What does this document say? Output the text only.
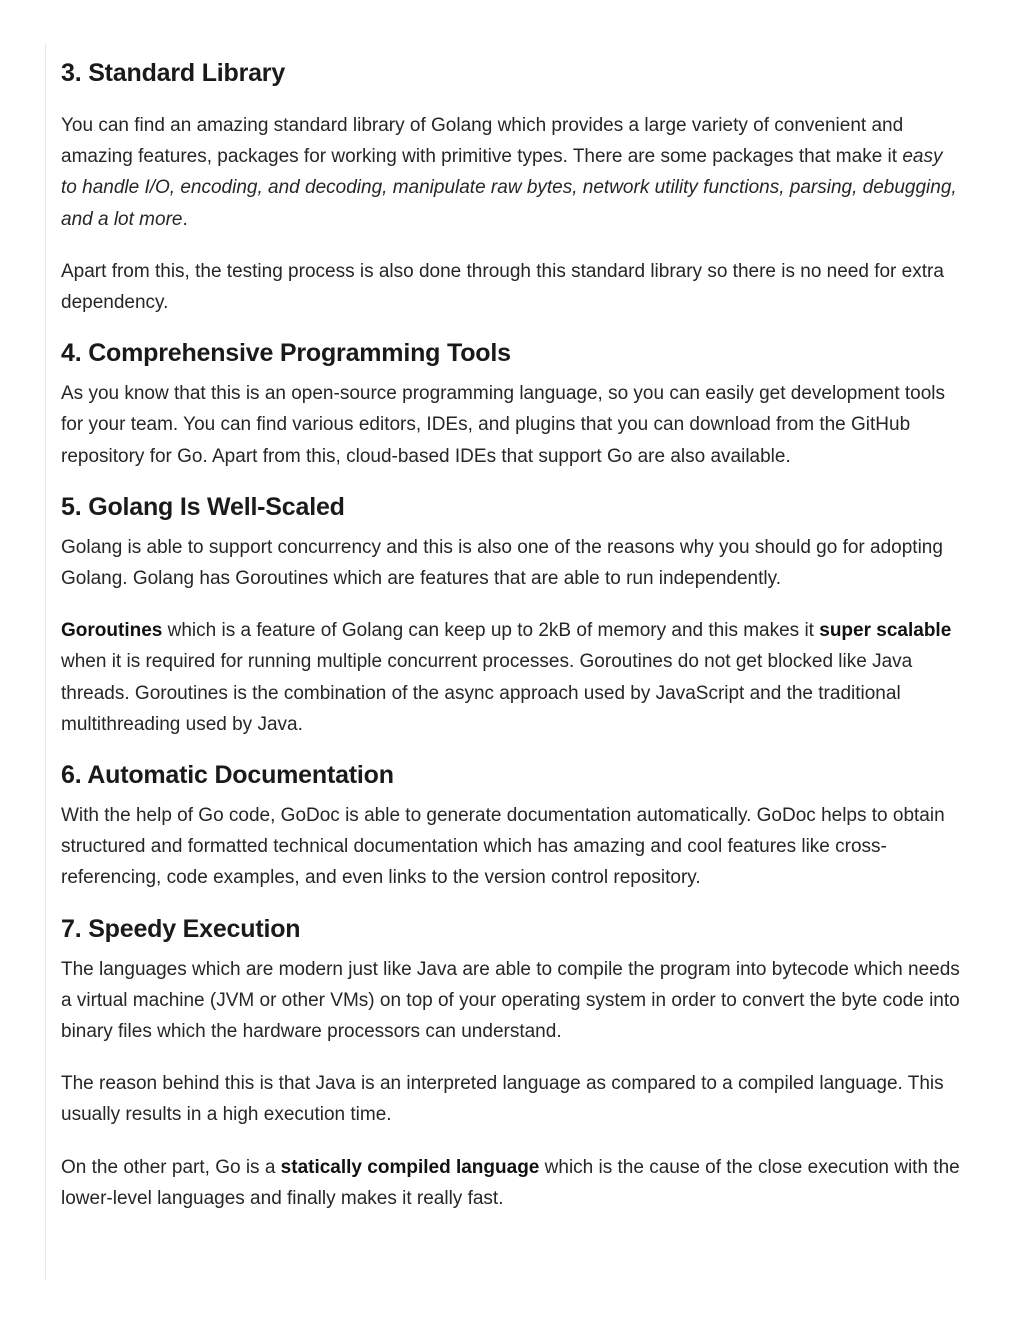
3. Standard Library

You can find an amazing standard library of Golang which provides a large variety of convenient and amazing features, packages for working with primitive types. There are some packages that make it easy to handle I/O, encoding, and decoding, manipulate raw bytes, network utility functions, parsing, debugging, and a lot more.

Apart from this, the testing process is also done through this standard library so there is no need for extra dependency.

4. Comprehensive Programming Tools

As you know that this is an open-source programming language, so you can easily get development tools for your team. You can find various editors, IDEs, and plugins that you can download from the GitHub repository for Go. Apart from this, cloud-based IDEs that support Go are also available.

5. Golang Is Well-Scaled

Golang is able to support concurrency and this is also one of the reasons why you should go for adopting Golang. Golang has Goroutines which are features that are able to run independently.

Goroutines which is a feature of Golang can keep up to 2kB of memory and this makes it super scalable when it is required for running multiple concurrent processes. Goroutines do not get blocked like Java threads. Goroutines is the combination of the async approach used by JavaScript and the traditional multithreading used by Java.

6. Automatic Documentation

With the help of Go code, GoDoc is able to generate documentation automatically. GoDoc helps to obtain structured and formatted technical documentation which has amazing and cool features like cross-referencing, code examples, and even links to the version control repository.

7. Speedy Execution

The languages which are modern just like Java are able to compile the program into bytecode which needs a virtual machine (JVM or other VMs) on top of your operating system in order to convert the byte code into binary files which the hardware processors can understand.

The reason behind this is that Java is an interpreted language as compared to a compiled language. This usually results in a high execution time.

On the other part, Go is a statically compiled language which is the cause of the close execution with the lower-level languages and finally makes it really fast.
